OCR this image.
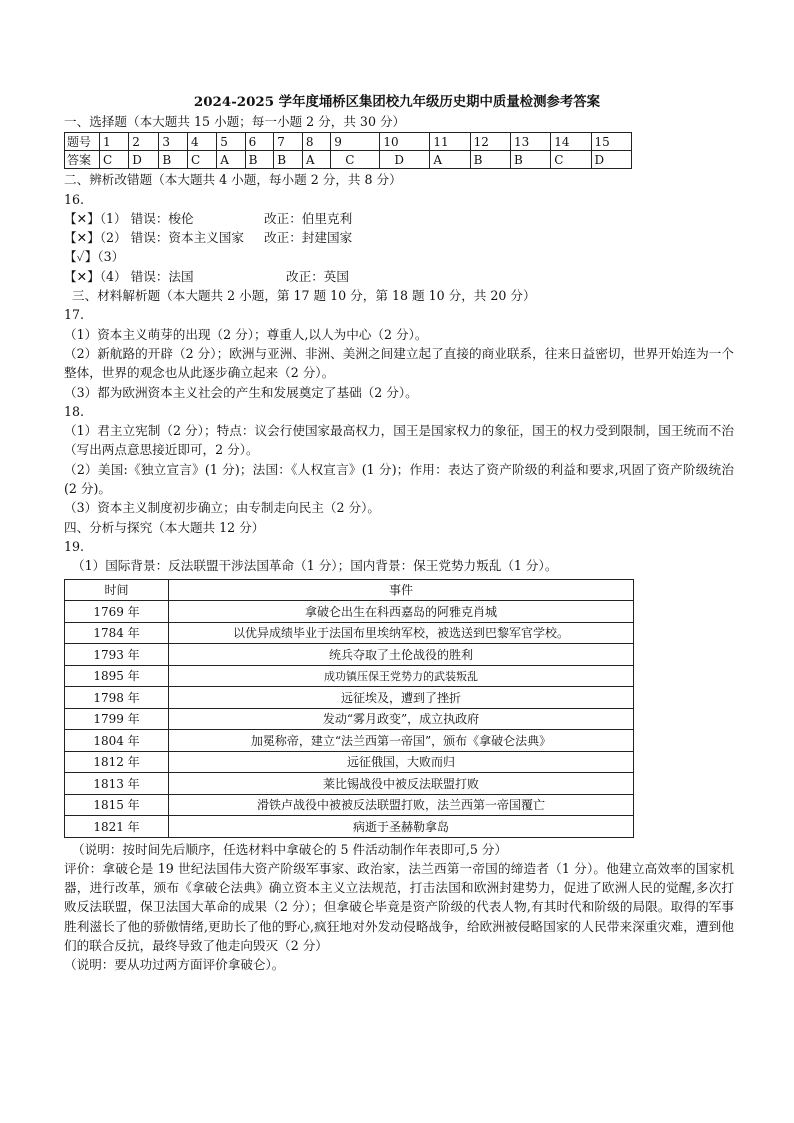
2024-2025 学年度埇桥区集团校九年级历史期中质量检测参考答案
一、选择题（本大题共 15 小题；每一小题 2 分，共 30 分）
题号	1	2	3	4	5	6	7	8	9	10	11	12	13	14	15
答案	C	D	B	C	A	B	B	A	C	D	A	B	B	C	D
二、辨析改错题（本大题共 4 小题，每小题 2 分，共 8 分）
16.
【✕】（1） 错误：梭伦	改正：伯里克利
【✕】（2） 错误：资本主义国家 改正：封建国家
【✓】（3）
【✕】（4） 错误：法国	改正：英国
三、材料解析题（本大题共 2 小题，第 17 题 10 分，第 18 题 10 分，共 20 分）
17.
（1）资本主义萌芽的出现（2 分）；尊重人,以人为中心（2 分）。
（2）新航路的开辟（2 分）；欧洲与亚洲、非洲、美洲之间建立起了直接的商业联系，往来日益密切，世界开始连为一个整体，世界的观念也从此逐步确立起来（2 分）。
（3）都为欧洲资本主义社会的产生和发展奠定了基础（2 分）。
18.
（1）君主立宪制（2 分）；特点：议会行使国家最高权力，国王是国家权力的象征，国王的权力受到限制，国王统而不治（写出两点意思接近即可，2 分）。
（2）美国:《独立宣言》(1 分)；法国：《人权宣言》(1 分)；作用：表达了资产阶级的利益和要求,巩固了资产阶级统治(2 分)。
（3）资本主义制度初步确立；由专制走向民主（2 分）。
四、分析与探究（本大题共 12 分）
19.
（1）国际背景：反法联盟干涉法国革命（1 分）；国内背景：保王党势力叛乱（1 分）。
时间	事件
1769 年	拿破仑出生在科西嘉岛的阿雅克肖城
1784 年	以优异成绩毕业于法国布里埃纳军校，被选送到巴黎军官学校。
1793 年	统兵夺取了土伦战役的胜利
1895 年	成功镇压保王党势力的武装叛乱
1798 年	远征埃及，遭到了挫折
1799 年	发动“雾月政变”，成立执政府
1804 年	加冕称帝，建立“法兰西第一帝国”，颁布《拿破仑法典》
1812 年	远征俄国，大败而归
1813 年	莱比锡战役中被反法联盟打败
1815 年	滑铁卢战役中被被反法联盟打败，法兰西第一帝国覆亡
1821 年	病逝于圣赫勒拿岛
（说明：按时间先后顺序，任选材料中拿破仑的 5 件活动制作年表即可,5 分）
评价：拿破仑是 19 世纪法国伟大资产阶级军事家、政治家，法兰西第一帝国的缔造者（1 分）。他建立高效率的国家机器，进行改革，颁布《拿破仑法典》确立资本主义立法规范，打击法国和欧洲封建势力，促进了欧洲人民的觉醒,多次打败反法联盟，保卫法国大革命的成果（2 分）；但拿破仑毕竟是资产阶级的代表人物,有其时代和阶级的局限。取得的军事胜利滋长了他的骄傲情绪,更助长了他的野心,疯狂地对外发动侵略战争，给欧洲被侵略国家的人民带来深重灾难，遭到他们的联合反抗，最终导致了他走向毁灭（2 分）
（说明：要从功过两方面评价拿破仑）。
